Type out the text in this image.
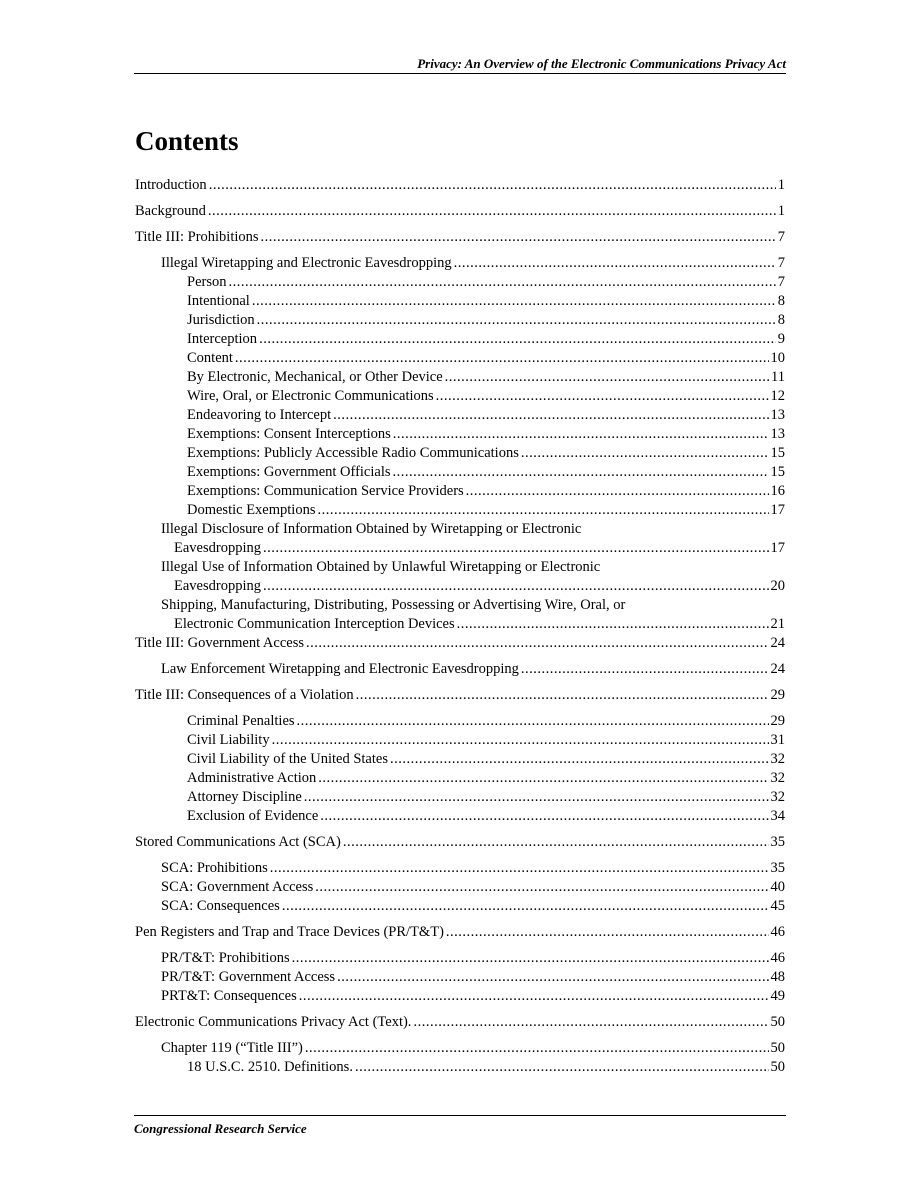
Privacy: An Overview of the Electronic Communications Privacy Act
Contents
Introduction .....	1
Background .....	1
Title III: Prohibitions .....	7
Illegal Wiretapping and Electronic Eavesdropping .....	7
Person .....	7
Intentional .....	8
Jurisdiction .....	8
Interception .....	9
Content .....	10
By Electronic, Mechanical, or Other Device .....	11
Wire, Oral, or Electronic Communications .....	12
Endeavoring to Intercept .....	13
Exemptions: Consent Interceptions .....	13
Exemptions: Publicly Accessible Radio Communications .....	15
Exemptions: Government Officials .....	15
Exemptions: Communication Service Providers .....	16
Domestic Exemptions .....	17
Illegal Disclosure of Information Obtained by Wiretapping or Electronic
Eavesdropping .....	17
Illegal Use of Information Obtained by Unlawful Wiretapping or Electronic
Eavesdropping .....	20
Shipping, Manufacturing, Distributing, Possessing or Advertising Wire, Oral, or
Electronic Communication Interception Devices .....	21
Title III: Government Access .....	24
Law Enforcement Wiretapping and Electronic Eavesdropping .....	24
Title III: Consequences of a Violation .....	29
Criminal Penalties .....	29
Civil Liability .....	31
Civil Liability of the United States .....	32
Administrative Action .....	32
Attorney Discipline .....	32
Exclusion of Evidence .....	34
Stored Communications Act (SCA) .....	35
SCA: Prohibitions .....	35
SCA: Government Access .....	40
SCA: Consequences .....	45
Pen Registers and Trap and Trace Devices (PR/T&T) .....	46
PR/T&T: Prohibitions .....	46
PR/T&T: Government Access .....	48
PRT&T: Consequences .....	49
Electronic Communications Privacy Act (Text). .....	50
Chapter 119 (“Title III”) .....	50
18 U.S.C. 2510. Definitions. .....	50
Congressional Research Service
